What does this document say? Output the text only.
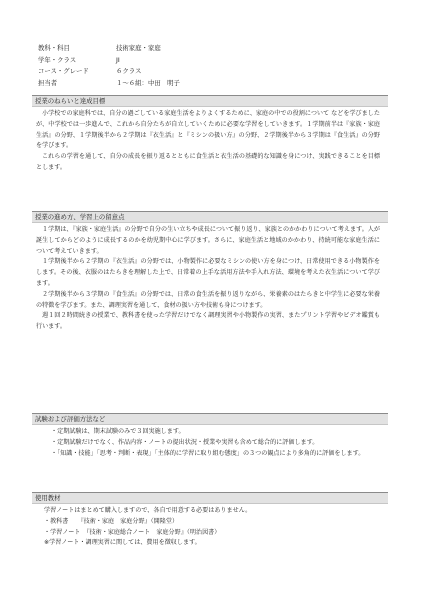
教科・科目	技術家庭・家庭
学年・クラス	JI
コース・グレード	６クラス
担当者	１～６組：中田　明子
授業のねらいと達成目標

小学校での家庭科では、自分の過ごしている家庭生活をよりよくするために、家庭の中での役割について などを学びましたが、中学校では一歩進んで、これから自分たちが自立していくために必要な学習をしていきます。１学期前半は『家族・家庭生活』の分野、１学期後半から２学期は『衣生活』と『ミシンの扱い方』の分野、２学期後半から３学期は『食生活』の分野を学びます。

これらの学習を通して、自分の成長を振り返るとともに食生活と衣生活の基礎的な知識を身につけ、実践できることを目標とします。

授業の進め方、学習上の留意点

１学期は、『家族・家庭生活』の分野で自分の生い立ちや成長について振り返り、家族とのかかわりについて考えます。人が誕生してからどのように成長するのかを幼児期中心に学びます。さらに、家庭生活と地域のかかわり、持続可能な家庭生活について考えていきます。

１学期後半から２学期の『衣生活』の分野では、小物製作に必要なミシンの使い方を身につけ、日常使用できる小物製作をします。その後、衣服のはたらきを理解した上で、日常着の上手な活用方法や手入れ方法、環境を考えた衣生活について学びます。

２学期後半から３学期の『食生活』の分野では、日常の食生活を振り返りながら、栄養素のはたらきと中学生に必要な栄養の特徴を学びます。また、調理実習を通して、食材の扱い方や技術も身につけます。

週１回２時間続きの授業で、教科書を使った学習だけでなく調理実習や小物製作の実習、またプリント学習やビデオ鑑賞も行います。

試験および評価方法など

・定期試験は、期末試験のみで３回実施します。

・定期試験だけでなく、作品内容・ノートの提出状況・授業や実習も含めて総合的に評価します。

・「知識・技能」「思考・判断・表現」「主体的に学習に取り組む態度」の３つの観点により多角的に評価をします。

使用教材

学習ノートはまとめて購入しますので、各自で用意する必要はありません。

・教科書　　『技術・家庭　家庭分野』（開隆堂）

・学習ノート　『技術・家庭総合ノート　家庭分野』（明治図書）

※学習ノート・調理実習に関しては、費用を徴収します。
